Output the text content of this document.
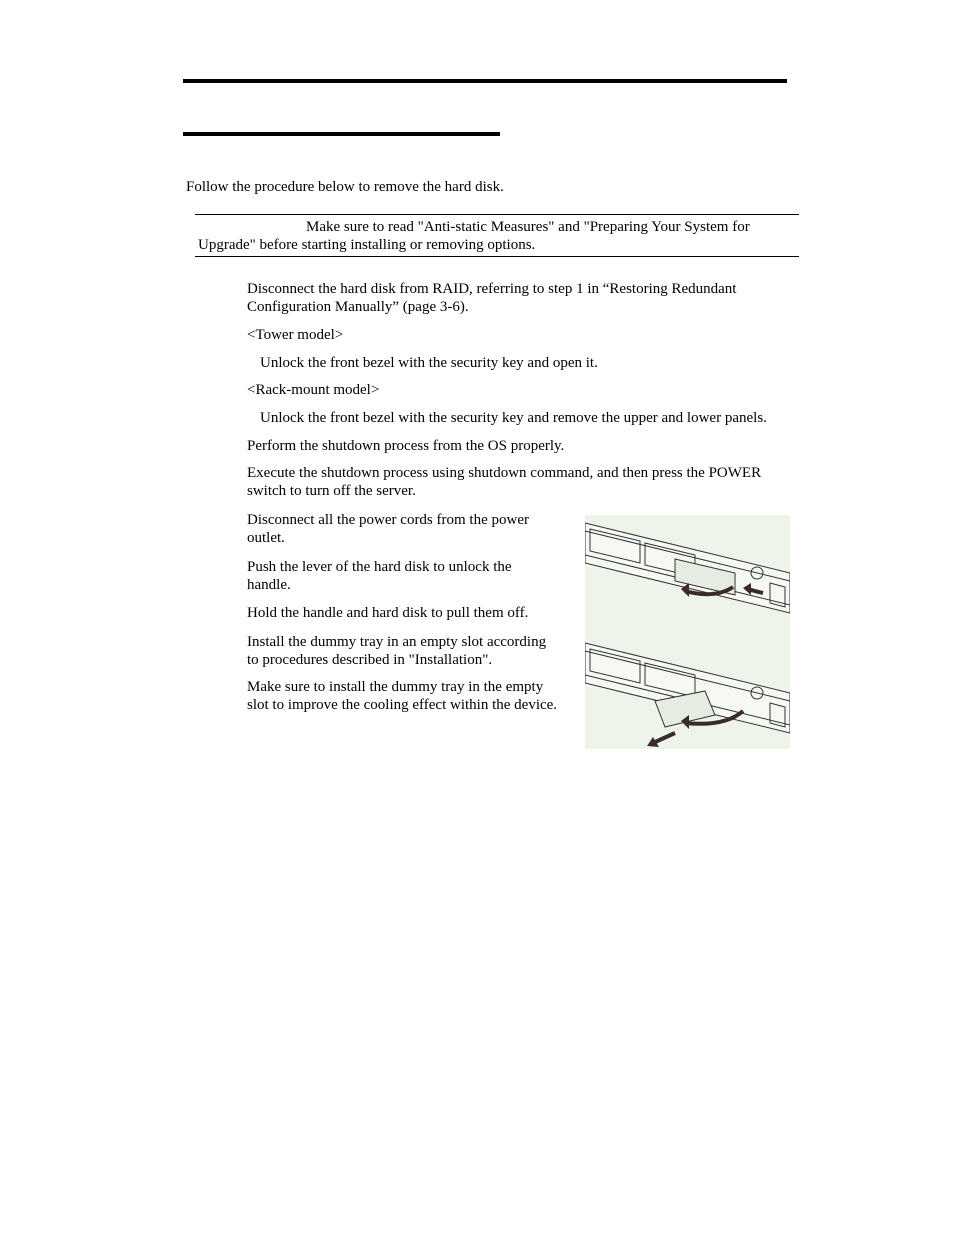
Follow the procedure below to remove the hard disk.
Make sure to read "Anti-static Measures" and "Preparing Your System for
Upgrade" before starting installing or removing options.
Disconnect the hard disk from RAID, referring to step 1 in “Restoring Redundant
Configuration Manually” (page 3-6).
<Tower model>
Unlock the front bezel with the security key and open it.
<Rack-mount model>
Unlock the front bezel with the security key and remove the upper and lower panels.
Perform the shutdown process from the OS properly.
Execute the shutdown process using shutdown command, and then press the POWER
switch to turn off the server.
Disconnect all the power cords from the power
outlet.
Push the lever of the hard disk to unlock the
handle.
Hold the handle and hard disk to pull them off.
Install the dummy tray in an empty slot according
to procedures described in "Installation".
Make sure to install the dummy tray in the empty
slot to improve the cooling effect within the device.
